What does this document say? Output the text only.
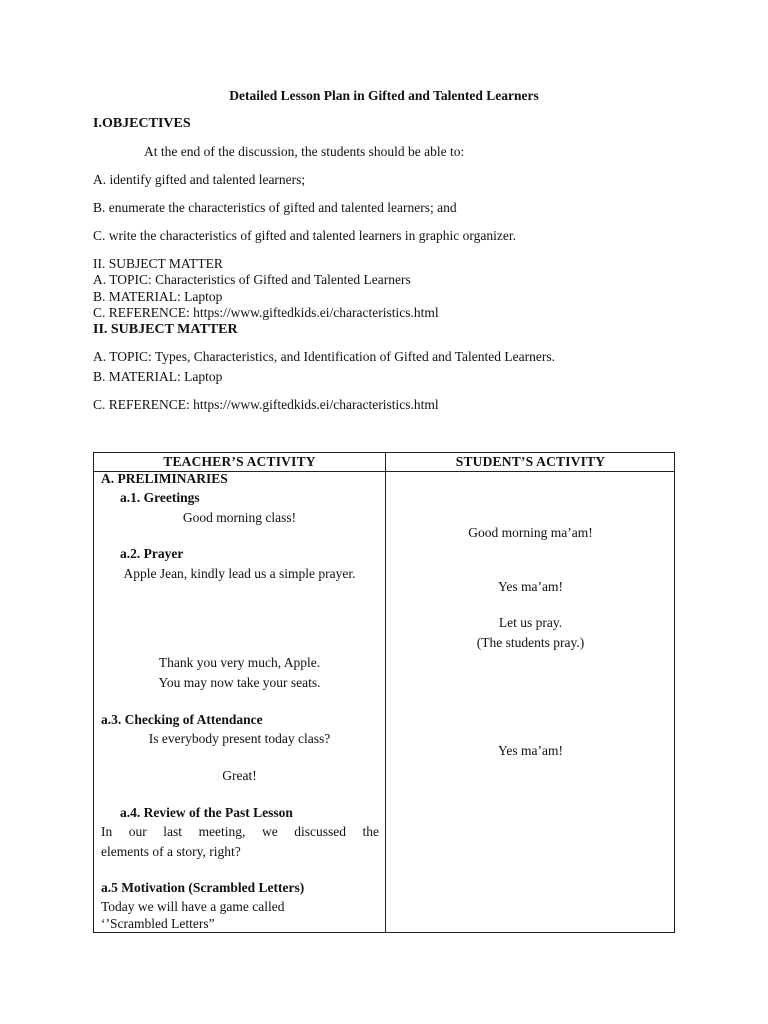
Detailed Lesson Plan in Gifted and Talented Learners
I.OBJECTIVES
At the end of the discussion, the students should be able to:
A. identify gifted and talented learners;
B. enumerate the characteristics of gifted and talented learners; and
C. write the characteristics of gifted and talented learners in graphic organizer.
II. SUBJECT MATTER
A. TOPIC: Characteristics of Gifted and Talented Learners
B. MATERIAL: Laptop
C. REFERENCE: https://www.giftedkids.ei/characteristics.html
II. SUBJECT MATTER
A. TOPIC: Types, Characteristics, and Identification of Gifted and Talented Learners.
B. MATERIAL: Laptop
C. REFERENCE: https://www.giftedkids.ei/characteristics.html
TEACHER’S ACTIVITY	STUDENT’S ACTIVITY
A. PRELIMINARIES
a.1. Greetings
Good morning class!
Good morning ma’am!
a.2. Prayer
Apple Jean, kindly lead us a simple prayer.
Yes ma’am!
Let us pray.
(The students pray.)
Thank you very much, Apple.
You may now take your seats.
a.3. Checking of Attendance
Is everybody present today class?
Yes ma’am!
Great!
a.4. Review of the Past Lesson
In our last meeting, we discussed the
elements of a story, right?
a.5 Motivation (Scrambled Letters)
Today we will have a game called
‘’Scrambled Letters”
